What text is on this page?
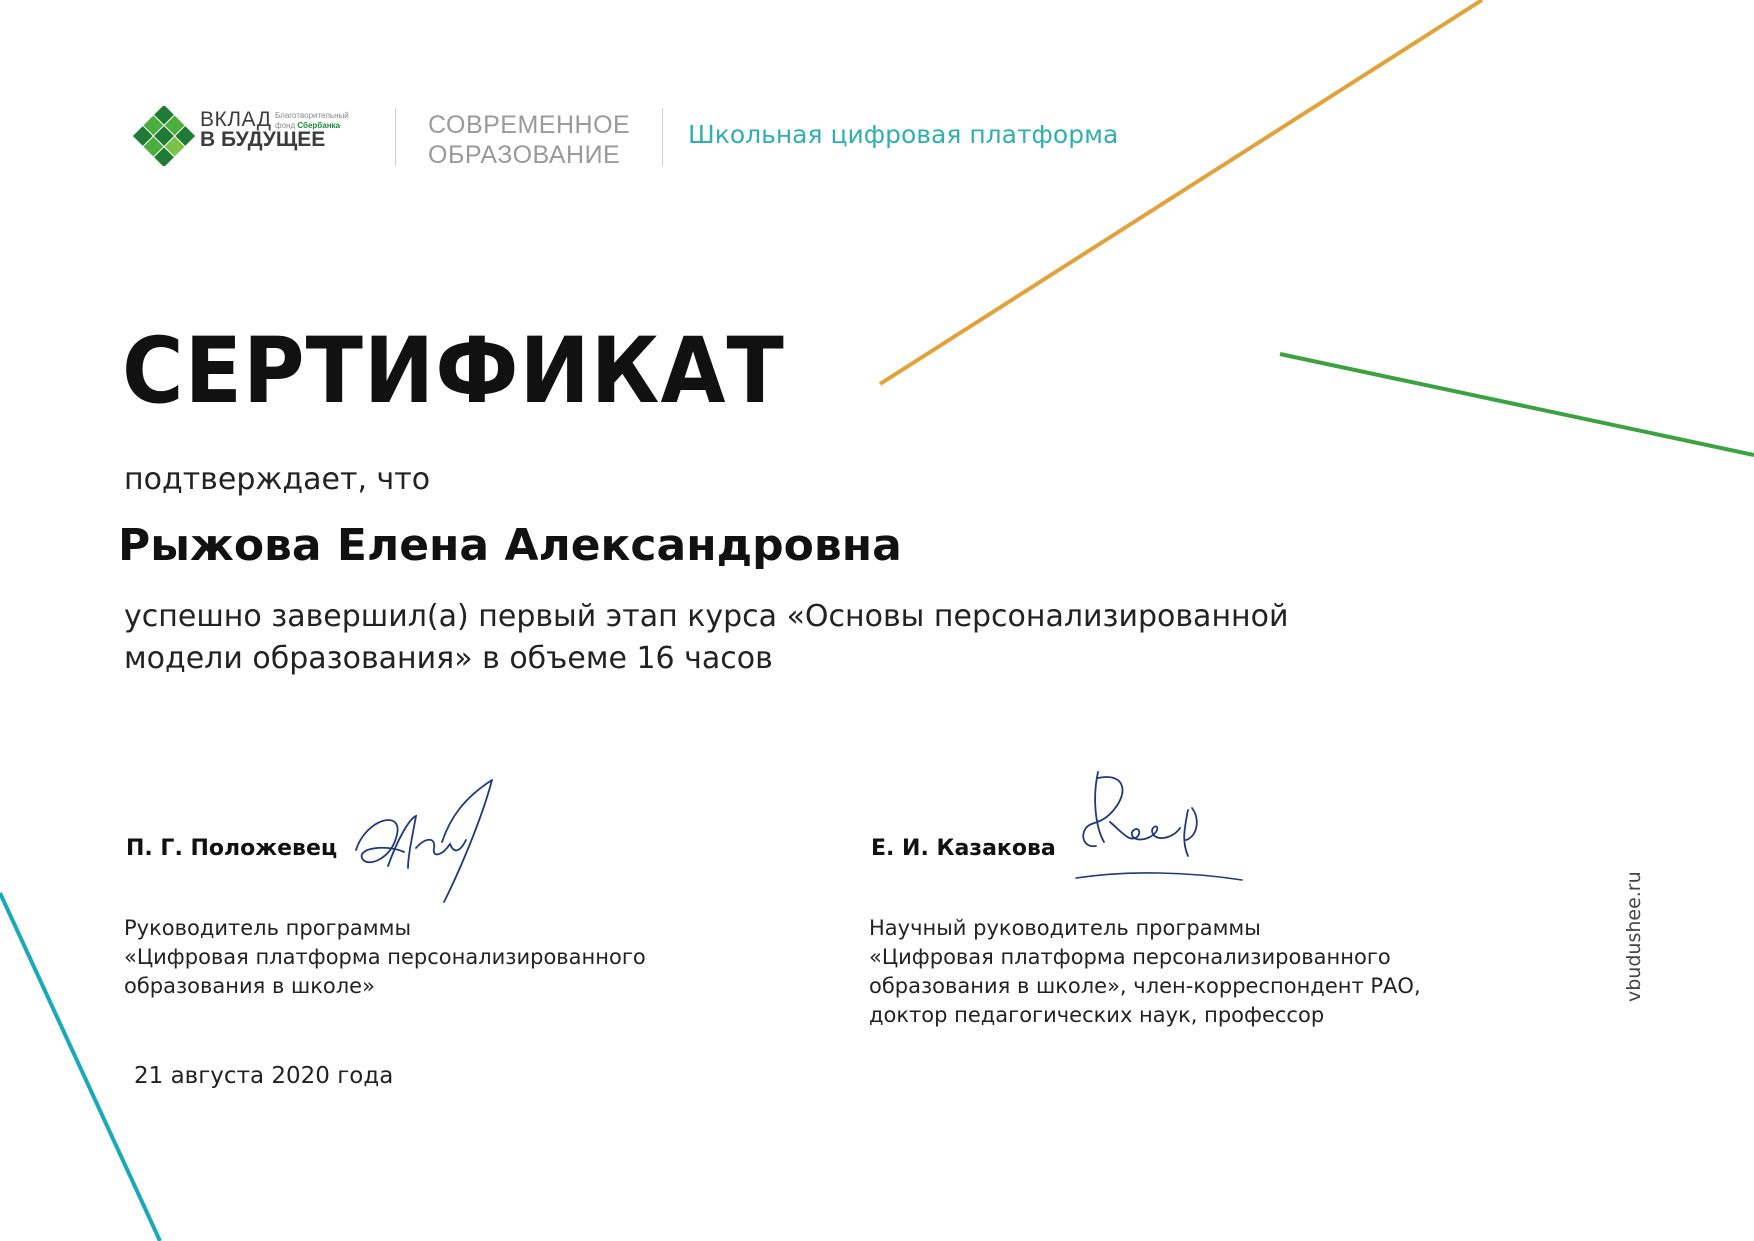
ВКЛАД
В БУДУЩЕЕ
Благотворительный
фонд Сбербанка	СОВРЕМЕННОЕ
ОБРАЗОВАНИЕ
Школьная цифровая платформа
СЕРТИФИКАТ
подтверждает, что
Рыжова Елена Александровна
успешно завершил(а) первый этап курса «Основы персонализированной
модели образования» в объеме 16 часов
П. Г. Положевец
Руководитель программы
«Цифровая платформа персонализированного
образования в школе»
Е. И. Казакова
Научный руководитель программы
«Цифровая платформа персонализированного
образования в школе», член-корреспондент РАО,
доктор педагогических наук, профессор
21 августа 2020 года
vbudushee.ru
